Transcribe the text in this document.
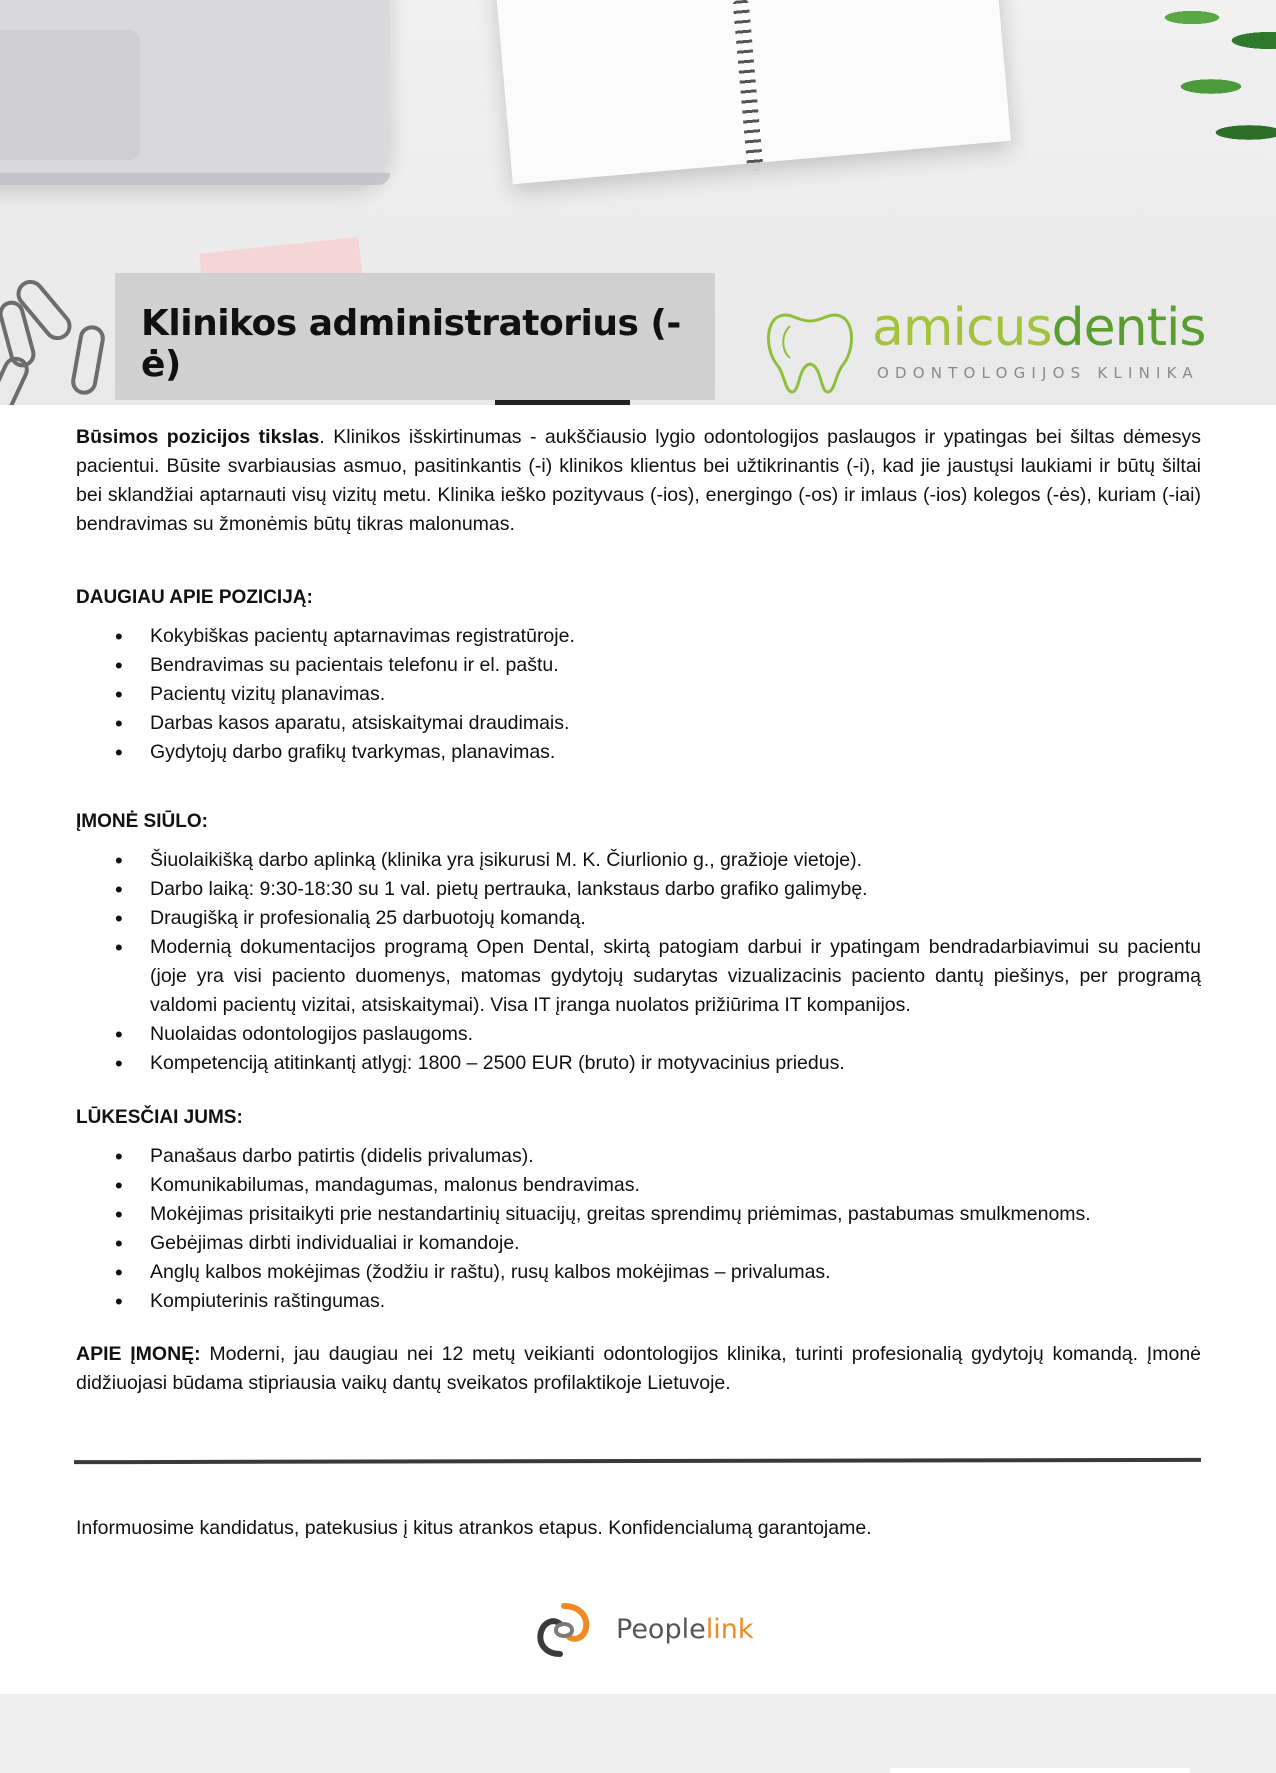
Klinikos administratorius (-ė)
amicusdentis
ODONTOLOGIJOS KLINIKA

Būsimos pozicijos tikslas. Klinikos išskirtinumas - aukščiausio lygio odontologijos paslaugos ir ypatingas bei šiltas dėmesys pacientui. Būsite svarbiausias asmuo, pasitinkantis (-i) klinikos klientus bei užtikrinantis (-i), kad jie jaustųsi laukiami ir būtų šiltai bei sklandžiai aptarnauti visų vizitų metu. Klinika ieško pozityvaus (-ios), energingo (-os) ir imlaus (-ios) kolegos (-ės), kuriam (-iai) bendravimas su žmonėmis būtų tikras malonumas.

DAUGIAU APIE POZICIJĄ:

• Kokybiškas pacientų aptarnavimas registratūroje.
• Bendravimas su pacientais telefonu ir el. paštu.
• Pacientų vizitų planavimas.
• Darbas kasos aparatu, atsiskaitymai draudimais.
• Gydytojų darbo grafikų tvarkymas, planavimas.

ĮMONĖ SIŪLO:

• Šiuolaikišką darbo aplinką (klinika yra įsikurusi M. K. Čiurlionio g., gražioje vietoje).
• Darbo laiką: 9:30-18:30 su 1 val. pietų pertrauka, lankstaus darbo grafiko galimybę.
• Draugišką ir profesionalią 25 darbuotojų komandą.
• Modernią dokumentacijos programą Open Dental, skirtą patogiam darbui ir ypatingam bendradarbiavimui su pacientu (joje yra visi paciento duomenys, matomas gydytojų sudarytas vizualizacinis paciento dantų piešinys, per programą valdomi pacientų vizitai, atsiskaitymai). Visa IT įranga nuolatos prižiūrima IT kompanijos.
• Nuolaidas odontologijos paslaugoms.
• Kompetenciją atitinkantį atlygį: 1800 – 2500 EUR (bruto) ir motyvacinius priedus.

LŪKESČIAI JUMS:

• Panašaus darbo patirtis (didelis privalumas).
• Komunikabilumas, mandagumas, malonus bendravimas.
• Mokėjimas prisitaikyti prie nestandartinių situacijų, greitas sprendimų priėmimas, pastabumas smulkmenoms.
• Gebėjimas dirbti individualiai ir komandoje.
• Anglų kalbos mokėjimas (žodžiu ir raštu), rusų kalbos mokėjimas – privalumas.
• Kompiuterinis raštingumas.

APIE ĮMONĘ: Moderni, jau daugiau nei 12 metų veikianti odontologijos klinika, turinti profesionalią gydytojų komandą. Įmonė didžiuojasi būdama stipriausia vaikų dantų sveikatos profilaktikoje Lietuvoje.

Informuosime kandidatus, patekusius į kitus atrankos etapus. Konfidencialumą garantojame.
Peoplelink
